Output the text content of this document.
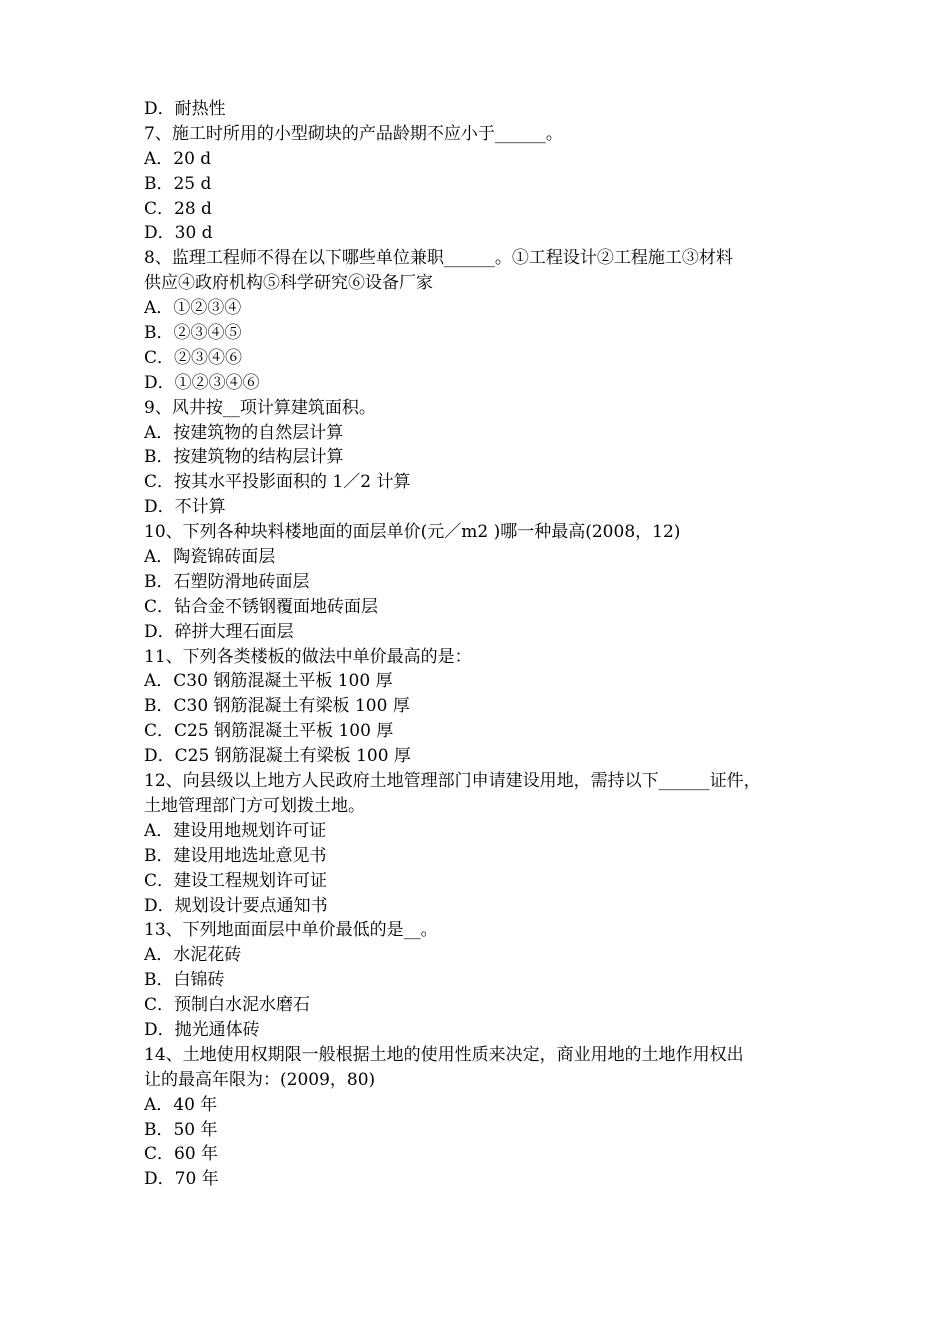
D．耐热性
7、施工时所用的小型砌块的产品龄期不应小于______。
A．20 d
B．25 d
C．28 d
D．30 d
8、监理工程师不得在以下哪些单位兼职______。①工程设计②工程施工③材料
供应④政府机构⑤科学研究⑥设备厂家
A．①②③④
B．②③④⑤
C．②③④⑥
D．①②③④⑥
9、风井按__项计算建筑面积。
A．按建筑物的自然层计算
B．按建筑物的结构层计算
C．按其水平投影面积的 1／2 计算
D．不计算
10、下列各种块料楼地面的面层单价(元／m2 )哪一种最高(2008，12)
A．陶瓷锦砖面层
B．石塑防滑地砖面层
C．钻合金不锈钢覆面地砖面层
D．碎拼大理石面层
11、下列各类楼板的做法中单价最高的是：
A．C30 钢筋混凝土平板 100 厚
B．C30 钢筋混凝土有梁板 100 厚
C．C25 钢筋混凝土平板 100 厚
D．C25 钢筋混凝土有梁板 100 厚
12、向县级以上地方人民政府土地管理部门申请建设用地，需持以下______证件，
土地管理部门方可划拨土地。
A．建设用地规划许可证
B．建设用地选址意见书
C．建设工程规划许可证
D．规划设计要点通知书
13、下列地面面层中单价最低的是__。
A．水泥花砖
B．白锦砖
C．预制白水泥水磨石
D．抛光通体砖
14、土地使用权期限一般根据土地的使用性质来决定，商业用地的土地作用权出
让的最高年限为：(2009，80)
A．40 年
B．50 年
C．60 年
D．70 年
